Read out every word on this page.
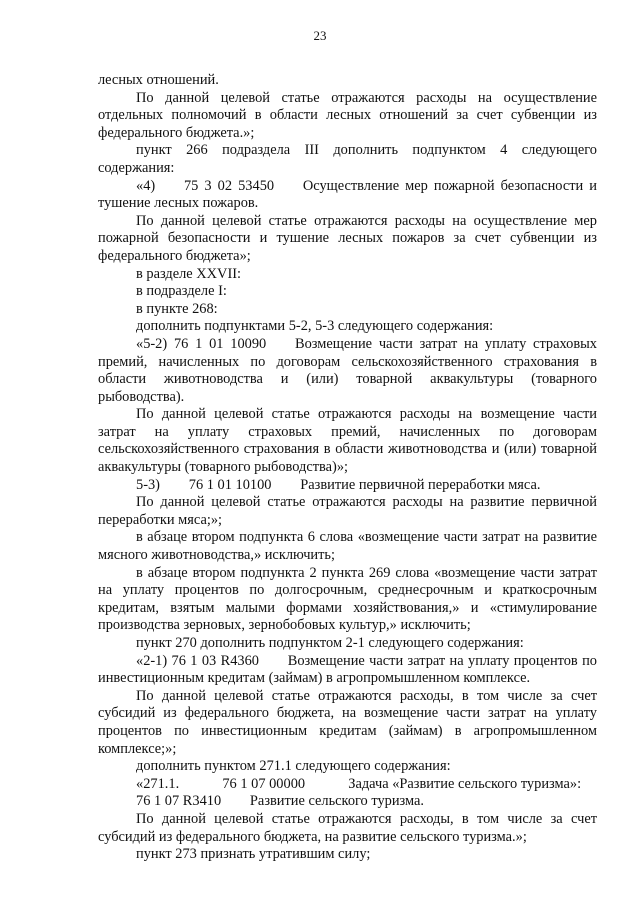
23

лесных отношений.

По данной целевой статье отражаются расходы на осуществление отдельных полномочий в области лесных отношений за счет субвенции из федерального бюджета.»;

пункт 266 подраздела III дополнить подпунктом 4 следующего содержания:

«4)  75 3 02 53450  Осуществление мер пожарной безопасности и тушение лесных пожаров.

По данной целевой статье отражаются расходы на осуществление мер пожарной безопасности и тушение лесных пожаров за счет субвенции из федерального бюджета»;

в разделе XXVII:

в подразделе I:

в пункте 268:

дополнить подпунктами 5-2, 5-3 следующего содержания:

«5-2) 76 1 01 10090  Возмещение части затрат на уплату страховых премий, начисленных по договорам сельскохозяйственного страхования в области животноводства и (или) товарной аквакультуры (товарного рыбоводства).

По данной целевой статье отражаются расходы на возмещение части затрат на уплату страховых премий, начисленных по договорам сельскохозяйственного страхования в области животноводства и (или) товарной аквакультуры (товарного рыбоводства)»;

5-3)  76 1 01 10100  Развитие первичной переработки мяса.

По данной целевой статье отражаются расходы на развитие первичной переработки мяса;»;

в абзаце втором подпункта 6 слова «возмещение части затрат на развитие мясного животноводства,» исключить;

в абзаце втором подпункта 2 пункта 269 слова «возмещение части затрат на уплату процентов по долгосрочным, среднесрочным и краткосрочным кредитам, взятым малыми формами хозяйствования,» и «стимулирование производства зерновых, зернобобовых культур,» исключить;

пункт 270 дополнить подпунктом 2-1 следующего содержания:

«2-1) 76 1 03 R4360  Возмещение части затрат на уплату процентов по инвестиционным кредитам (займам) в агропромышленном комплексе.

По данной целевой статье отражаются расходы, в том числе за счет субсидий из федерального бюджета, на возмещение части затрат на уплату процентов по инвестиционным кредитам (займам) в агропромышленном комплексе;»;

дополнить пунктом 271.1 следующего содержания:

«271.1.   76 1 07 00000   Задача «Развитие сельского туризма»:

76 1 07 R3410  Развитие сельского туризма.

По данной целевой статье отражаются расходы, в том числе за счет субсидий из федерального бюджета, на развитие сельского туризма.»;

пункт 273 признать утратившим силу;
